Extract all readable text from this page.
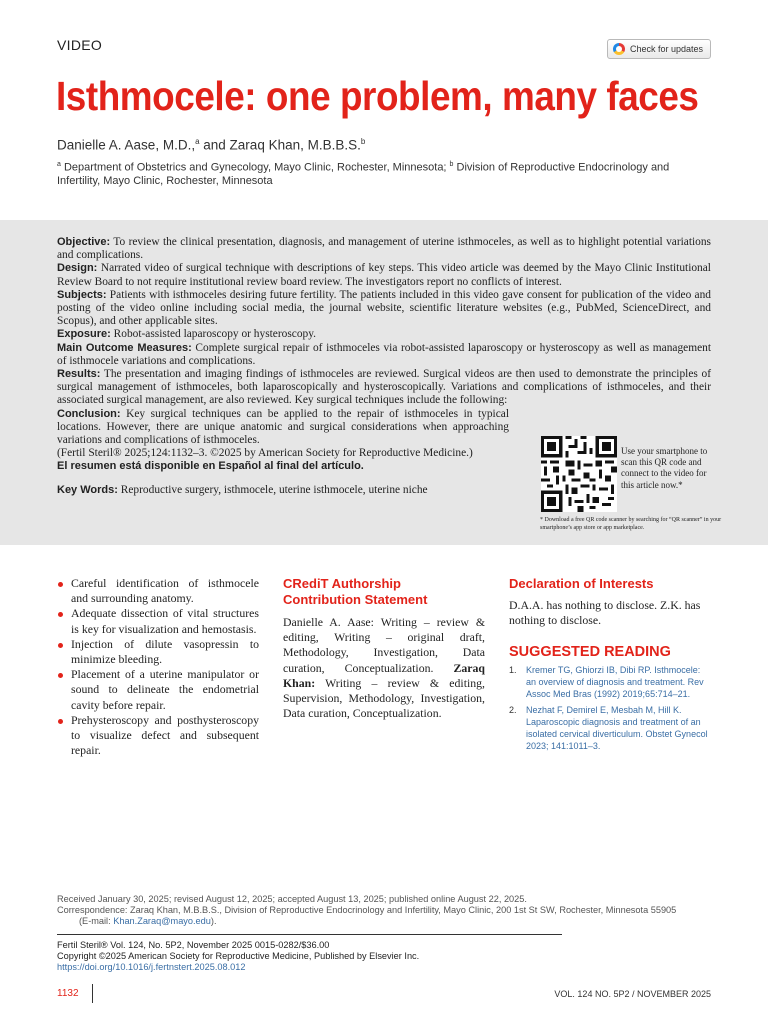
VIDEO	Check for updates
Isthmocele: one problem, many faces
Danielle A. Aase, M.D.,$^a$ and Zaraq Khan, M.B.B.S.$^b$
$^a$ Department of Obstetrics and Gynecology, Mayo Clinic, Rochester, Minnesota; $^b$ Division of Reproductive Endocrinology and Infertility, Mayo Clinic, Rochester, Minnesota

Objective: To review the clinical presentation, diagnosis, and management of uterine isthmoceles, as well as to highlight potential variations and complications.

Design: Narrated video of surgical technique with descriptions of key steps. This video article was deemed by the Mayo Clinic Institutional Review Board to not require institutional review board review. The investigators report no conflicts of interest.

Subjects: Patients with isthmoceles desiring future fertility. The patients included in this video gave consent for publication of the video and posting of the video online including social media, the journal website, scientific literature websites (e.g., PubMed, ScienceDirect, and Scopus), and other applicable sites.

Exposure: Robot-assisted laparoscopy or hysteroscopy.

Main Outcome Measures: Complete surgical repair of isthmoceles via robot-assisted laparoscopy or hysteroscopy as well as management of isthmocele variations and complications.

Results: The presentation and imaging findings of isthmoceles are reviewed. Surgical videos are then used to demonstrate the principles of surgical management of isthmoceles, both laparoscopically and hysteroscopically. Variations and complications of isthmoceles, and their associated surgical management, are also reviewed. Key surgical techniques include the following:

Conclusion: Key surgical techniques can be applied to the repair of isthmoceles in typical locations. However, there are unique anatomic and surgical considerations when approaching variations and complications of isthmoceles.

(Fertil Steril® 2025;124:1132–3. ©2025 by American Society for Reproductive Medicine.)

El resumen está disponible en Español al final del artículo.

Key Words: Reproductive surgery, isthmocele, uterine isthmocele, uterine niche
Use your smartphone to scan this QR code and connect to the video for this article now.*
* Download a free QR code scanner by searching for “QR scanner” in your smartphone’s app store or app marketplace.
Careful identification of isthmocele and surrounding anatomy.
Adequate dissection of vital structures is key for visualization and hemostasis.
Injection of dilute vasopressin to minimize bleeding.
Placement of a uterine manipulator or sound to delineate the endometrial cavity before repair.
Prehysteroscopy and posthysteroscopy to visualize defect and subsequent repair.

CRediT Authorship
Contribution Statement

Danielle A. Aase: Writing – review & editing, Writing – original draft, Methodology, Investigation, Data curation, Conceptualization. Zaraq Khan: Writing – review & editing, Supervision, Methodology, Investigation, Data curation, Conceptualization.

Declaration of Interests

D.A.A. has nothing to disclose. Z.K. has nothing to disclose.

SUGGESTED READING

1.	Kremer TG, Ghiorzi IB, Dibi RP. Isthmocele: an overview of diagnosis and treatment. Rev Assoc Med Bras (1992) 2019;65:714–21.
2.	Nezhat F, Demirel E, Mesbah M, Hill K. Laparoscopic diagnosis and treatment of an isolated cervical diverticulum. Obstet Gynecol 2023; 141:1011–3.
Received January 30, 2025; revised August 12, 2025; accepted August 13, 2025; published online August 22, 2025.
Correspondence: Zaraq Khan, M.B.B.S., Division of Reproductive Endocrinology and Infertility, Mayo Clinic, 200 1st St SW, Rochester, Minnesota 55905
(E-mail: Khan.Zaraq@mayo.edu).
Fertil Steril® Vol. 124, No. 5P2, November 2025 0015-0282/$36.00
Copyright ©2025 American Society for Reproductive Medicine, Published by Elsevier Inc.
https://doi.org/10.1016/j.fertnstert.2025.08.012
1132	VOL. 124 NO. 5P2 / NOVEMBER 2025
